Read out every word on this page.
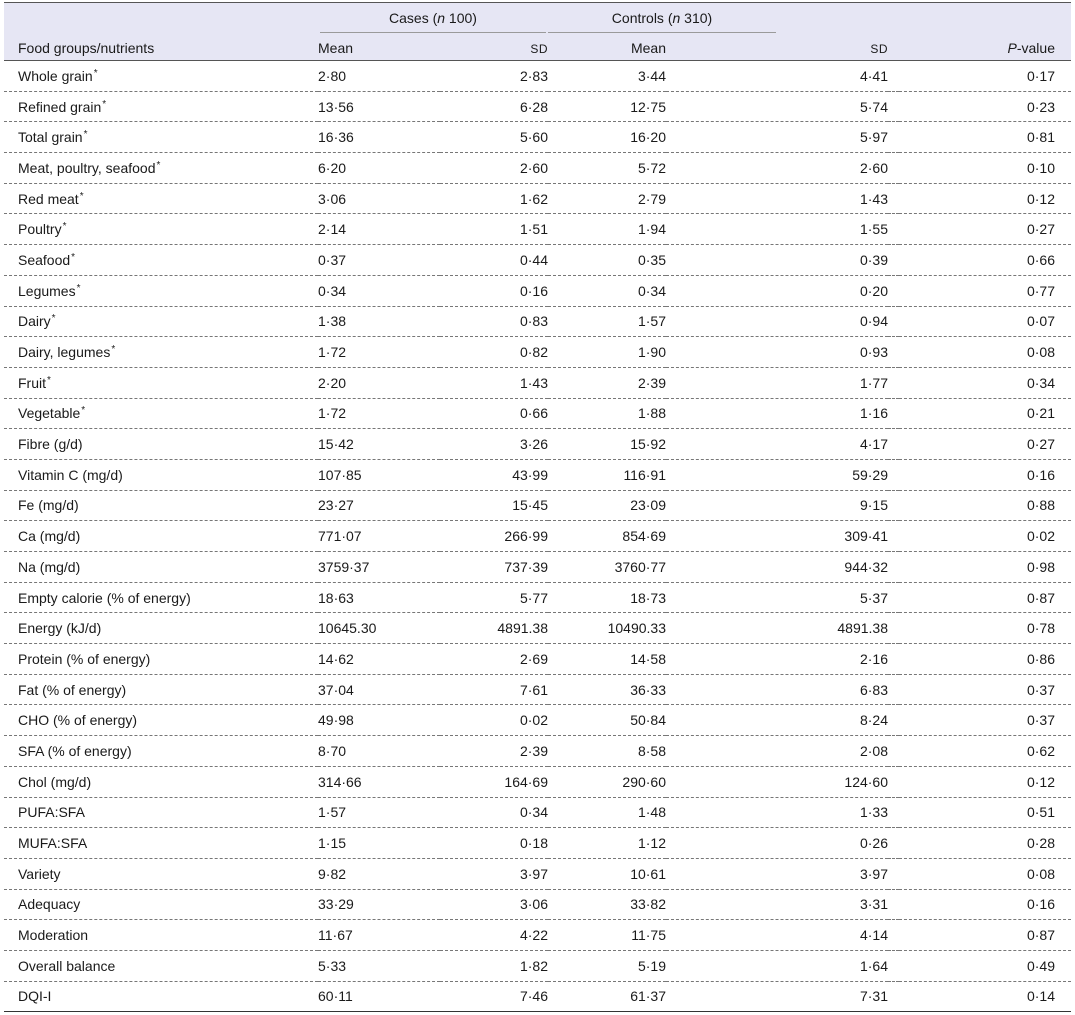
	Cases (n 100)			Controls (n 310)		
Food groups/nutrients	Mean	SD	Mean	SD		P-value
Whole grain*	2·80	2·83	3·44	4·41		0·17
Refined grain*	13·56	6·28	12·75	5·74		0·23
Total grain*	16·36	5·60	16·20	5·97		0·81
Meat, poultry, seafood*	6·20	2·60	5·72	2·60		0·10
Red meat*	3·06	1·62	2·79	1·43		0·12
Poultry*	2·14	1·51	1·94	1·55		0·27
Seafood*	0·37	0·44	0·35	0·39		0·66
Legumes*	0·34	0·16	0·34	0·20		0·77
Dairy*	1·38	0·83	1·57	0·94		0·07
Dairy, legumes*	1·72	0·82	1·90	0·93		0·08
Fruit*	2·20	1·43	2·39	1·77		0·34
Vegetable*	1·72	0·66	1·88	1·16		0·21
Fibre (g/d)	15·42	3·26	15·92	4·17		0·27
Vitamin C (mg/d)	107·85	43·99	116·91	59·29		0·16
Fe (mg/d)	23·27	15·45	23·09	9·15		0·88
Ca (mg/d)	771·07	266·99	854·69	309·41		0·02
Na (mg/d)	3759·37	737·39	3760·77	944·32		0·98
Empty calorie (% of energy)	18·63	5·77	18·73	5·37		0·87
Energy (kJ/d)	10645.30	4891.38	10490.33	4891.38		0·78
Protein (% of energy)	14·62	2·69	14·58	2·16		0·86
Fat (% of energy)	37·04	7·61	36·33	6·83		0·37
CHO (% of energy)	49·98	0·02	50·84	8·24		0·37
SFA (% of energy)	8·70	2·39	8·58	2·08		0·62
Chol (mg/d)	314·66	164·69	290·60	124·60		0·12
PUFA:SFA	1·57	0·34	1·48	1·33		0·51
MUFA:SFA	1·15	0·18	1·12	0·26		0·28
Variety	9·82	3·97	10·61	3·97		0·08
Adequacy	33·29	3·06	33·82	3·31		0·16
Moderation	11·67	4·22	11·75	4·14		0·87
Overall balance	5·33	1·82	5·19	1·64		0·49
DQI-I	60·11	7·46	61·37	7·31		0·14
